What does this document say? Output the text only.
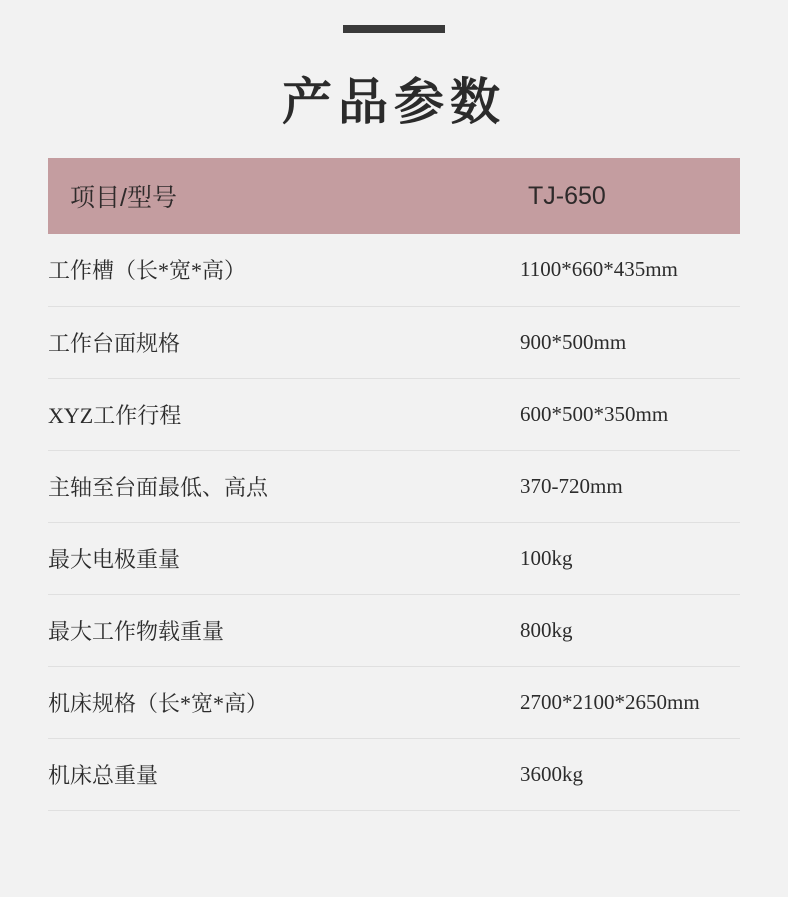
产品参数
项目/型号	TJ-650
工作槽（长*宽*高）	1100*660*435mm
工作台面规格	900*500mm
XYZ工作行程	600*500*350mm
主轴至台面最低、高点	370-720mm
最大电极重量	100kg
最大工作物载重量	800kg
机床规格（长*宽*高）	2700*2100*2650mm
机床总重量	3600kg
